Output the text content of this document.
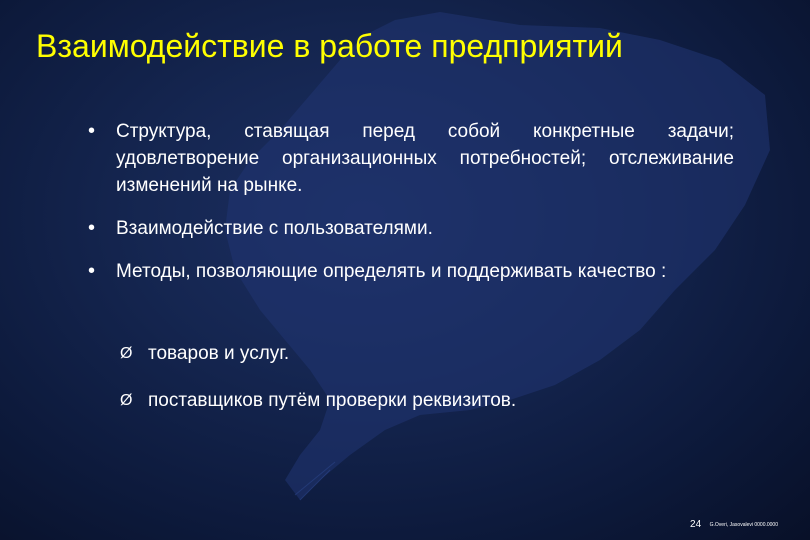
Взаимодействие в работе предприятий
• Структура, ставящая перед собой конкретные задачи; удовлетворение организационных потребностей; отслеживание изменений на рынке.
• Взаимодействие с пользователями.
• Методы, позволяющие определять и поддерживать качество :
Ø товаров и услуг.
Ø поставщиков путём проверки реквизитов.
24 G.Overi, Jasovalevi 0000.0000
